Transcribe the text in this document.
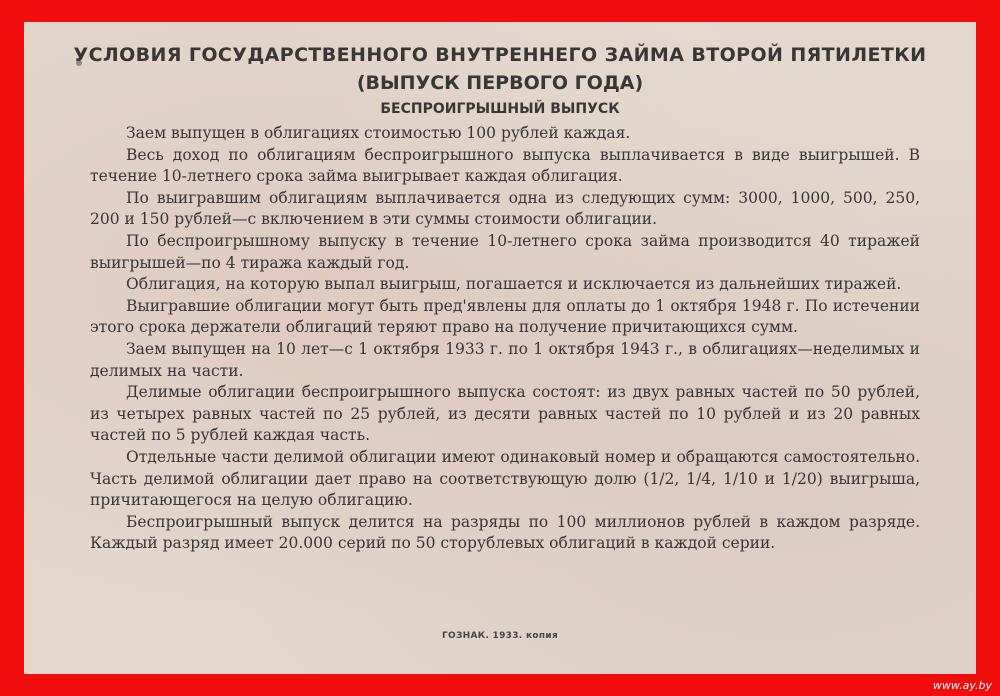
УСЛОВИЯ ГОСУДАРСТВЕННОГО ВНУТРЕННЕГО ЗАЙМА ВТОРОЙ ПЯТИЛЕТКИ
(ВЫПУСК ПЕРВОГО ГОДА)
БЕСПРОИГРЫШНЫЙ ВЫПУСК

Заем выпущен в облигациях стоимостью 100 рублей каждая.

Весь доход по облигациям беспроигрышного выпуска выплачивается в виде выигрышей. В течение 10-летнего срока займа выигрывает каждая облигация.

По выигравшим облигациям выплачивается одна из следующих сумм: 3000, 1000, 500, 250, 200 и 150 рублей—с включением в эти суммы стоимости облигации.

По беспроигрышному выпуску в течение 10-летнего срока займа производится 40 тиражей выигрышей—по 4 тиража каждый год.

Облигация, на которую выпал выигрыш, погашается и исключается из дальнейших тиражей.

Выигравшие облигации могут быть пред'явлены для оплаты до 1 октября 1948 г. По истечении этого срока держатели облигаций теряют право на получение причитающихся сумм.

Заем выпущен на 10 лет—с 1 октября 1933 г. по 1 октября 1943 г., в облигациях—неделимых и делимых на части.

Делимые облигации беспроигрышного выпуска состоят: из двух равных частей по 50 рублей, из четырех равных частей по 25 рублей, из десяти равных частей по 10 рублей и из 20 равных частей по 5 рублей каждая часть.

Отдельные части делимой облигации имеют одинаковый номер и обращаются самостоятельно. Часть делимой облигации дает право на соответствующую долю (1/2, 1/4, 1/10 и 1/20) выигрыша, причитающегося на целую облигацию.

Беспроигрышный выпуск делится на разряды по 100 миллионов рублей в каждом разряде. Каждый разряд имеет 20.000 серий по 50 сторублевых облигаций в каждой серии.

ГОЗНАК. 1933. копия
www.ay.by
